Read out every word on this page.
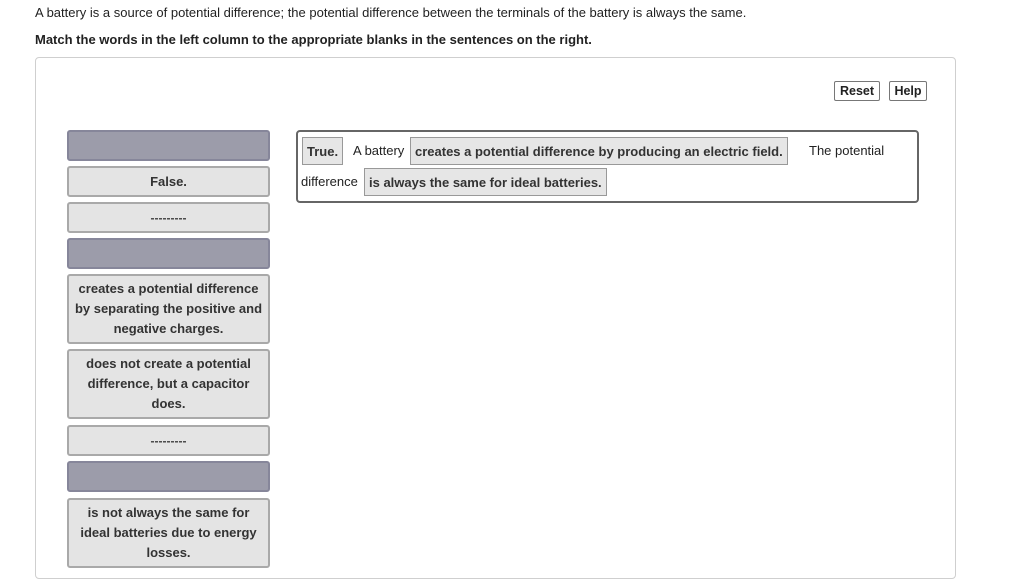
A battery is a source of potential difference; the potential difference between the terminals of the battery is always the same.
Match the words in the left column to the appropriate blanks in the sentences on the right.
Reset	Help
False.
---------
creates a potential difference by separating the positive and negative charges.
does not create a potential difference, but a capacitor does.
---------
is not always the same for ideal batteries due to energy losses.
True.	A battery creates a potential difference by producing an electric field.	The potential
difference is always the same for ideal batteries.
